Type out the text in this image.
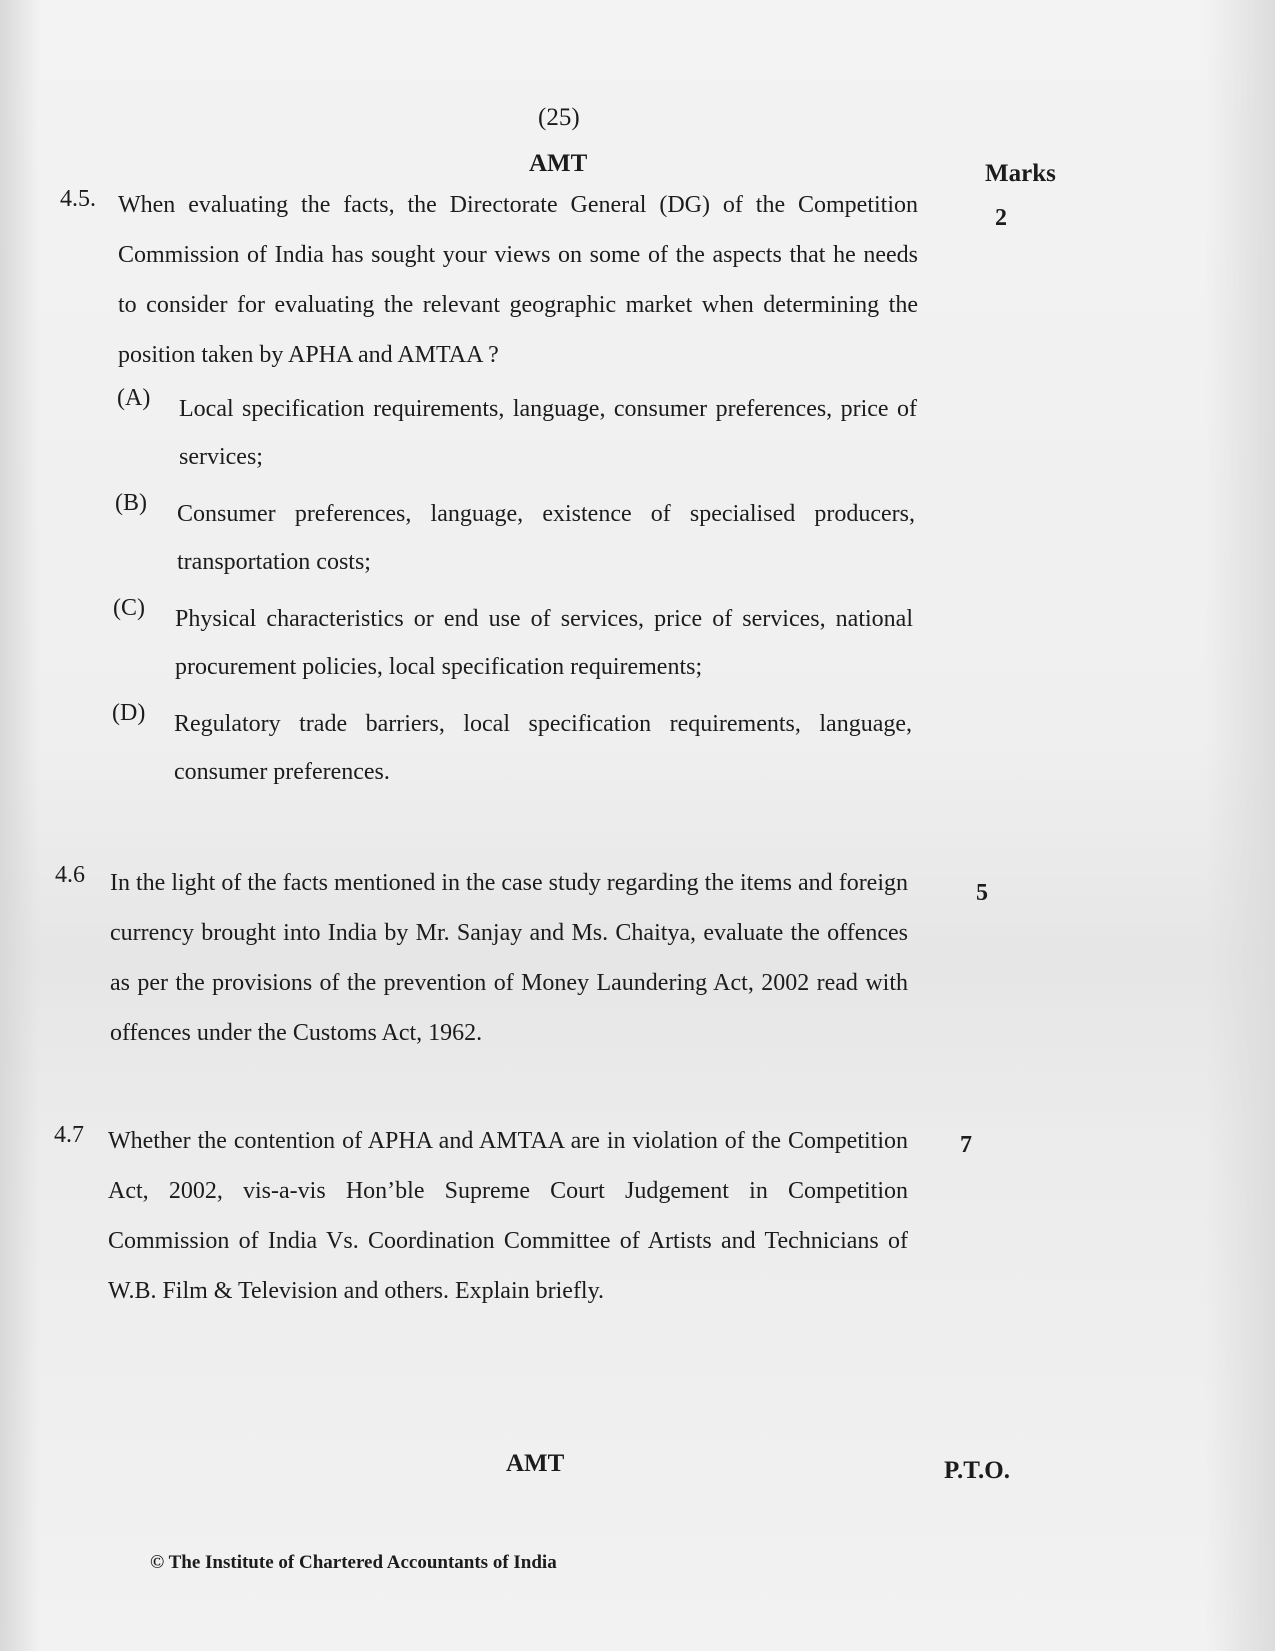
(25)
AMT	Marks
4.5. When evaluating the facts, the Directorate General (DG) of the Competition Commission of India has sought your views on some of the aspects that he needs to consider for evaluating the relevant geographic market when determining the position taken by APHA and AMTAA ?
2
(A) Local specification requirements, language, consumer preferences, price of services;
(B) Consumer preferences, language, existence of specialised producers, transportation costs;
(C) Physical characteristics or end use of services, price of services, national procurement policies, local specification requirements;
(D) Regulatory trade barriers, local specification requirements, language, consumer preferences.
4.6 In the light of the facts mentioned in the case study regarding the items and foreign currency brought into India by Mr. Sanjay and Ms. Chaitya, evaluate the offences as per the provisions of the prevention of Money Laundering Act, 2002 read with offences under the Customs Act, 1962.
5
4.7 Whether the contention of APHA and AMTAA are in violation of the Competition Act, 2002, vis-a-vis Hon’ble Supreme Court Judgement in Competition Commission of India Vs. Coordination Committee of Artists and Technicians of W.B. Film & Television and others. Explain briefly.
7
AMT	P.T.O.
© The Institute of Chartered Accountants of India
